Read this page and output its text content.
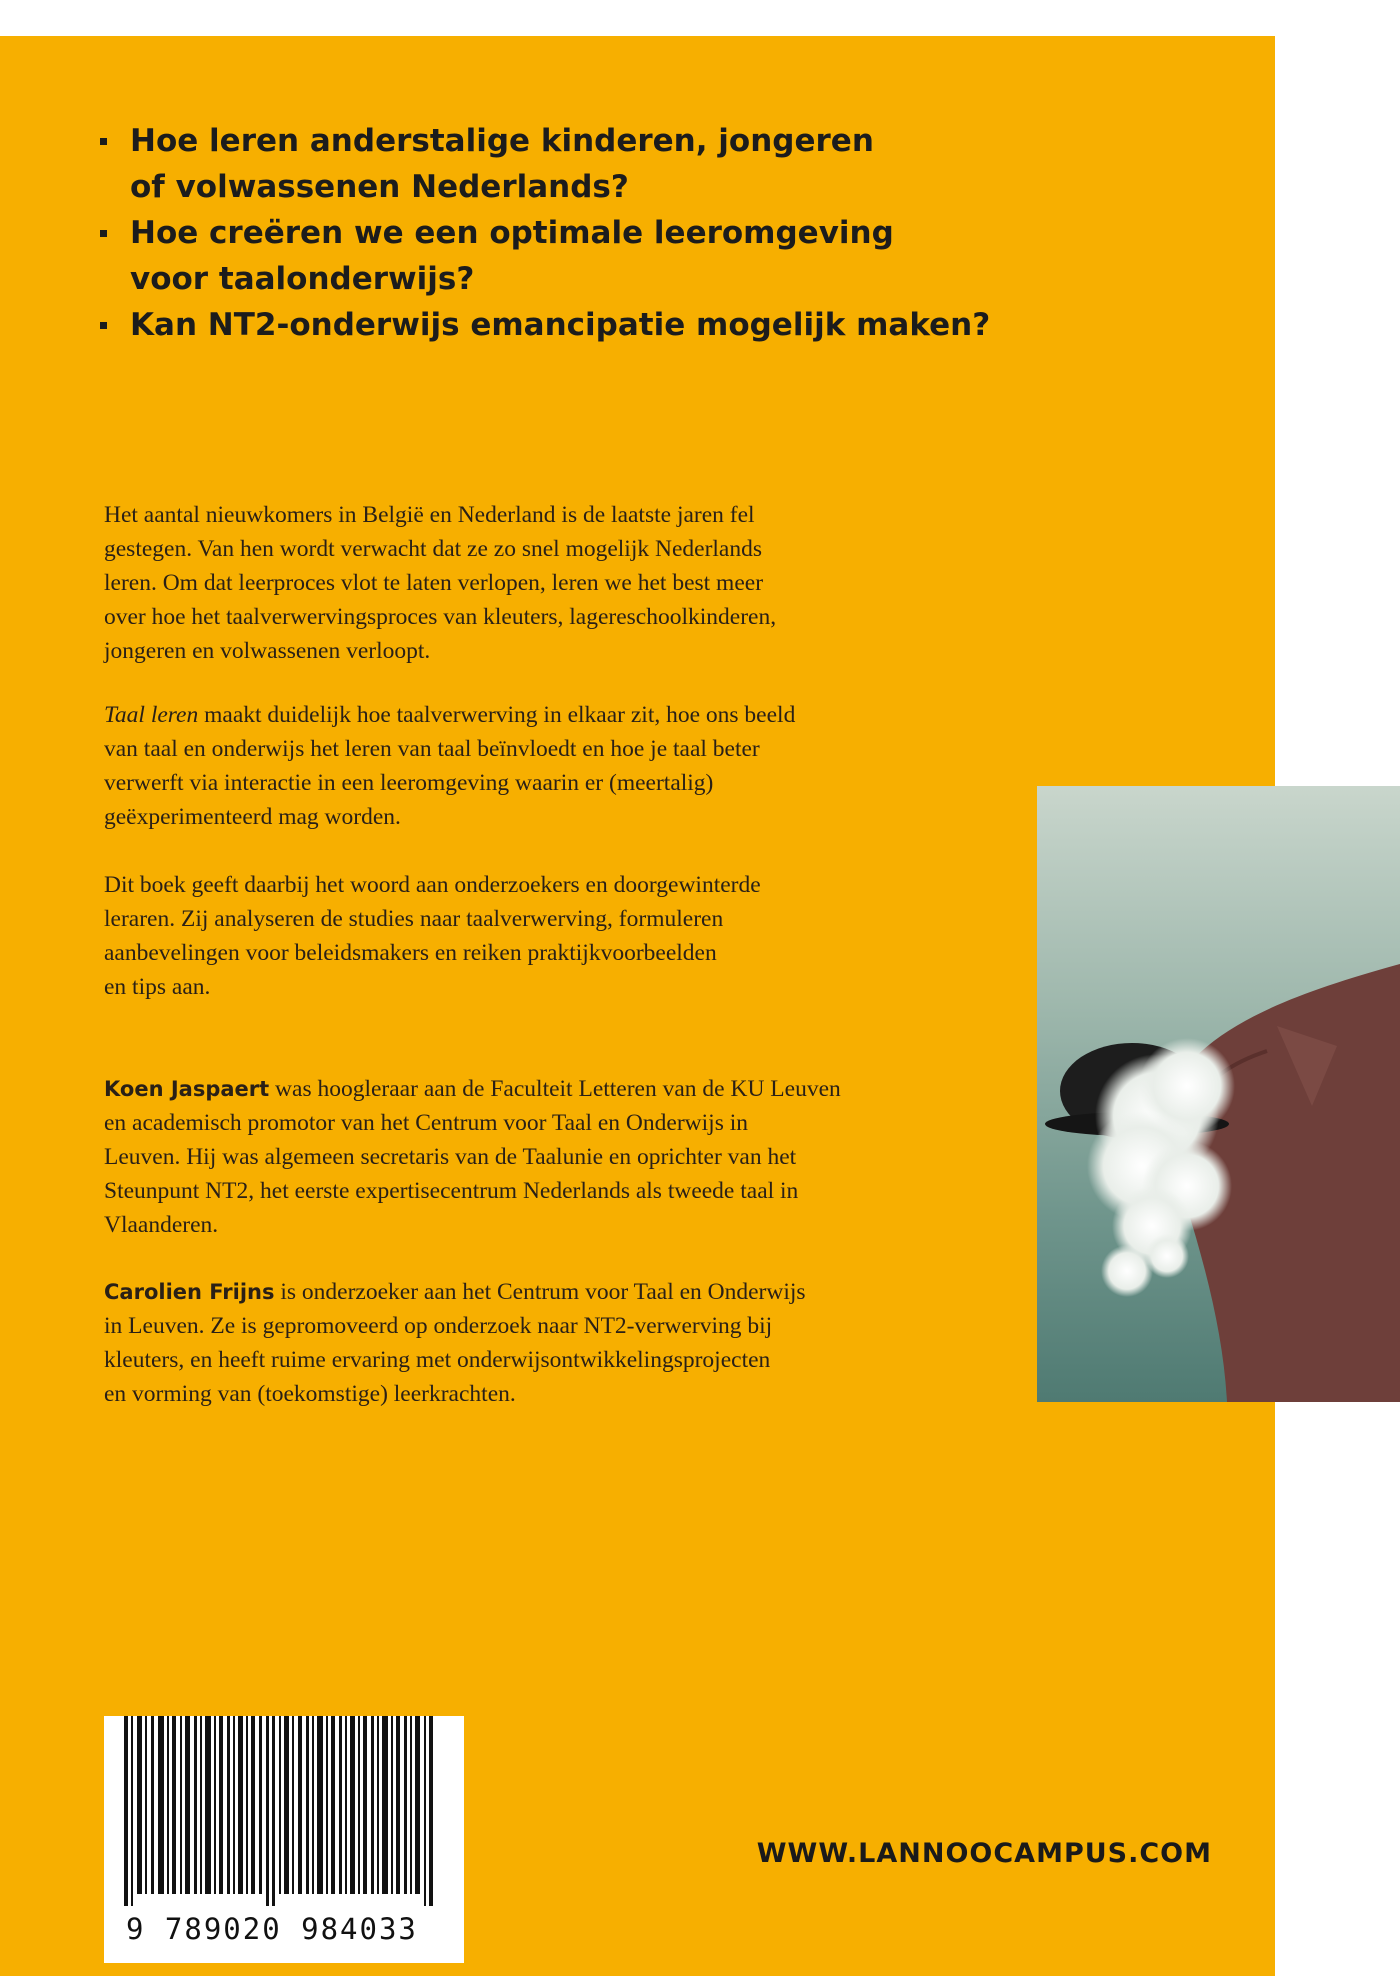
Hoe leren anderstalige kinderen, jongeren
of volwassenen Nederlands?
Hoe creëren we een optimale leeromgeving
voor taalonderwijs?
Kan NT2-onderwijs emancipatie mogelijk maken?

Het aantal nieuwkomers in België en Nederland is de laatste jaren fel
gestegen. Van hen wordt verwacht dat ze zo snel mogelijk Nederlands
leren. Om dat leerproces vlot te laten verlopen, leren we het best meer
over hoe het taalverwervingsproces van kleuters, lagereschoolkinderen,
jongeren en volwassenen verloopt.

Taal leren maakt duidelijk hoe taalverwerving in elkaar zit, hoe ons beeld
van taal en onderwijs het leren van taal beïnvloedt en hoe je taal beter
verwerft via interactie in een leeromgeving waarin er (meertalig)
geëxperimenteerd mag worden.

Dit boek geeft daarbij het woord aan onderzoekers en doorgewinterde
leraren. Zij analyseren de studies naar taalverwerving, formuleren
aanbevelingen voor beleidsmakers en reiken praktijkvoorbeelden
en tips aan.

Koen Jaspaert was hoogleraar aan de Faculteit Letteren van de KU Leuven
en academisch promotor van het Centrum voor Taal en Onderwijs in
Leuven. Hij was algemeen secretaris van de Taalunie en oprichter van het
Steunpunt NT2, het eerste expertisecentrum Nederlands als tweede taal in
Vlaanderen.

Carolien Frijns is onderzoeker aan het Centrum voor Taal en Onderwijs
in Leuven. Ze is gepromoveerd op onderzoek naar NT2-verwerving bij
kleuters, en heeft ruime ervaring met onderwijsontwikkelingsprojecten
en vorming van (toekomstige) leerkrachten.

9 789020 984033
WWW.LANNOOCAMPUS.COM
